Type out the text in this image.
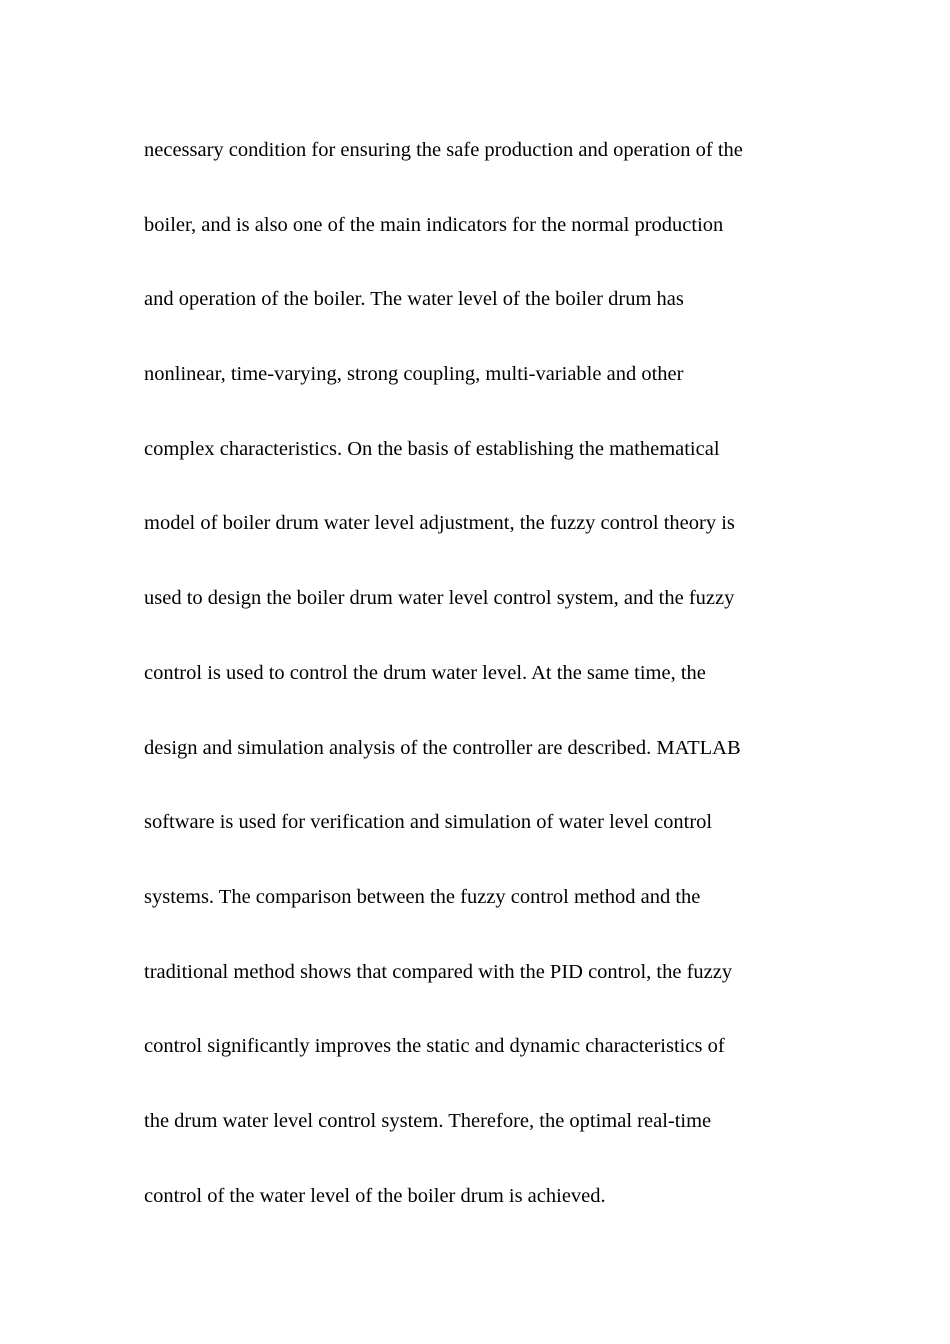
necessary condition for ensuring the safe production and operation of the
boiler, and is also one of the main indicators for the normal production
and operation of the boiler. The water level of the boiler drum has
nonlinear, time-varying, strong coupling, multi-variable and other
complex characteristics. On the basis of establishing the mathematical
model of boiler drum water level adjustment, the fuzzy control theory is
used to design the boiler drum water level control system, and the fuzzy
control is used to control the drum water level. At the same time, the
design and simulation analysis of the controller are described. MATLAB
software is used for verification and simulation of water level control
systems. The comparison between the fuzzy control method and the
traditional method shows that compared with the PID control, the fuzzy
control significantly improves the static and dynamic characteristics of
the drum water level control system. Therefore, the optimal real-time
control of the water level of the boiler drum is achieved.
